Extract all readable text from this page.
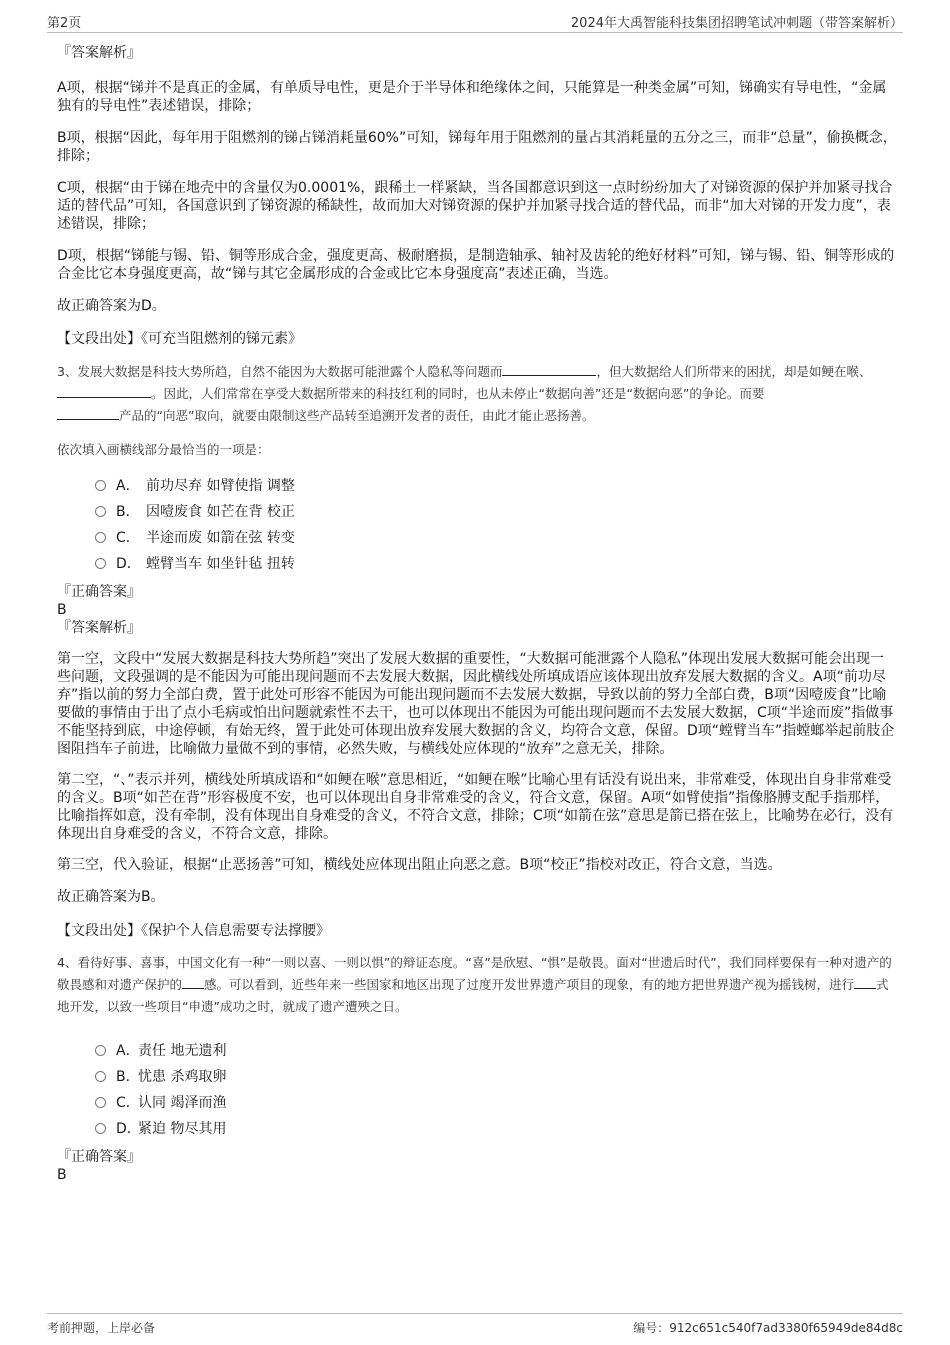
第2页	2024年大禹智能科技集团招聘笔试冲刺题（带答案解析）

『答案解析』

A项，根据“锑并不是真正的金属，有单质导电性，更是介于半导体和绝缘体之间，只能算是一种类金属”可知，锑确实有导电性，“金属独有的导电性”表述错误，排除；

B项，根据“因此，每年用于阻燃剂的锑占锑消耗量60%”可知，锑每年用于阻燃剂的量占其消耗量的五分之三，而非“总量”，偷换概念，排除；

C项，根据“由于锑在地壳中的含量仅为0.0001%，跟稀土一样紧缺，当各国都意识到这一点时纷纷加大了对锑资源的保护并加紧寻找合适的替代品”可知，各国意识到了锑资源的稀缺性，故而加大对锑资源的保护并加紧寻找合适的替代品，而非“加大对锑的开发力度”，表述错误，排除；

D项，根据“锑能与锡、铅、铜等形成合金，强度更高、极耐磨损，是制造轴承、轴衬及齿轮的绝好材料”可知，锑与锡、铅、铜等形成的合金比它本身强度更高，故“锑与其它金属形成的合金或比它本身强度高”表述正确，当选。

故正确答案为D。

【文段出处】《可充当阻燃剂的锑元素》

3、发展大数据是科技大势所趋，自然不能因为大数据可能泄露个人隐私等问题而	，但大数据给人们所带来的困扰，却是如鲠在喉、。因此，人们常常在享受大数据所带来的科技红利的同时，也从未停止“数据向善”还是“数据向恶”的争论。而要
产品的“向恶”取向，就要由限制这些产品转至追溯开发者的责任，由此才能止恶扬善。

依次填入画横线部分最恰当的一项是：

A． 前功尽弃 如臂使指 调整
B． 因噎废食 如芒在背 校正
C． 半途而废 如箭在弦 转变
D． 螳臂当车 如坐针毡 扭转

『正确答案』

B

『答案解析』

第一空，文段中“发展大数据是科技大势所趋”突出了发展大数据的重要性，“大数据可能泄露个人隐私”体现出发展大数据可能会出现一些问题，文段强调的是不能因为可能出现问题而不去发展大数据，因此横线处所填成语应该体现出放弃发展大数据的含义。A项“前功尽弃”指以前的努力全部白费，置于此处可形容不能因为可能出现问题而不去发展大数据，导致以前的努力全部白费，B项“因噎废食”比喻要做的事情由于出了点小毛病或怕出问题就索性不去干，也可以体现出不能因为可能出现问题而不去发展大数据，C项“半途而废”指做事不能坚持到底，中途停顿，有始无终，置于此处可体现出放弃发展大数据的含义，均符合文意，保留。D项“螳臂当车”指螳螂举起前肢企图阻挡车子前进，比喻做力量做不到的事情，必然失败，与横线处应体现的“放弃”之意无关，排除。

第二空，“、”表示并列，横线处所填成语和“如鲠在喉”意思相近，“如鲠在喉”比喻心里有话没有说出来，非常难受，体现出自身非常难受的含义。B项“如芒在背”形容极度不安，也可以体现出自身非常难受的含义，符合文意，保留。A项“如臂使指”指像胳膊支配手指那样，比喻指挥如意，没有牵制，没有体现出自身难受的含义，不符合文意，排除；C项“如箭在弦”意思是箭已搭在弦上，比喻势在必行，没有体现出自身难受的含义，不符合文意，排除。

第三空，代入验证，根据“止恶扬善”可知，横线处应体现出阻止向恶之意。B项“校正”指校对改正，符合文意，当选。

故正确答案为B。

【文段出处】《保护个人信息需要专法撑腰》

4、看待好事、喜事，中国文化有一种“一则以喜、一则以惧”的辩证态度。“喜”是欣慰、“惧”是敬畏。面对“世遗后时代”，我们同样要保有一种对遗产的敬畏感和对遗产保护的 感。可以看到，近些年来一些国家和地区出现了过度开发世界遗产项目的现象，有的地方把世界遗产视为摇钱树，进行 式地开发，以致一些项目“申遗”成功之时，就成了遗产遭殃之日。

A．责任 地无遗利
B．忧患 杀鸡取卵
C．认同 竭泽而渔
D．紧迫 物尽其用

『正确答案』

B

考前押题，上岸必备	编号：912c651c540f7ad3380f65949de84d8c
